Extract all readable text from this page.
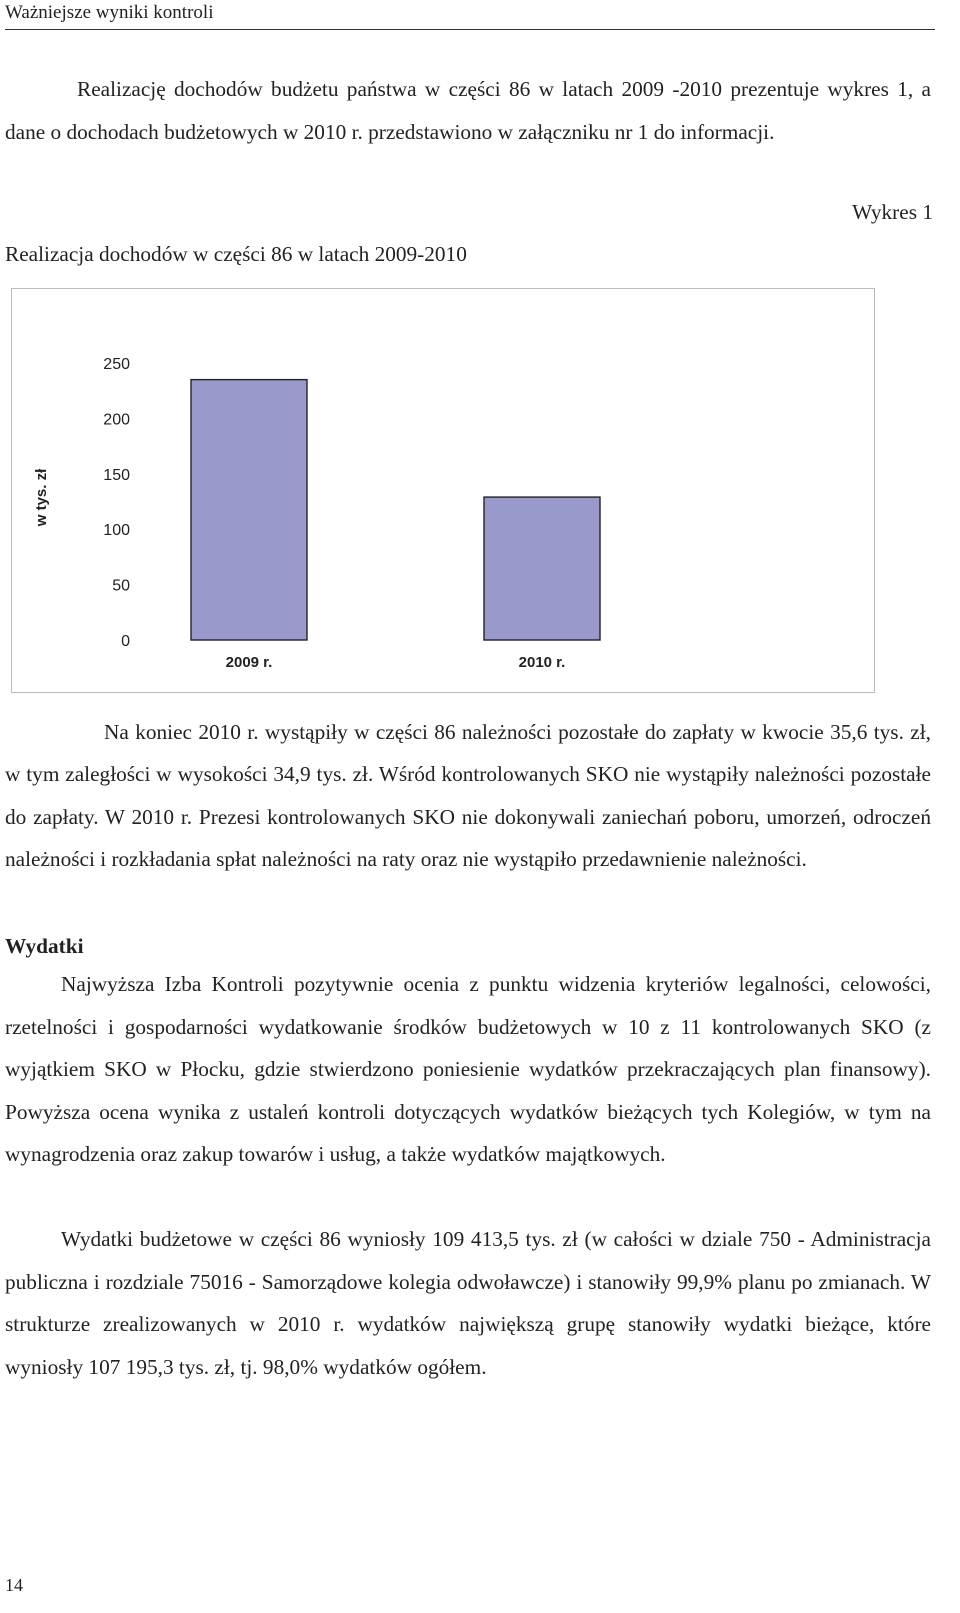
Ważniejsze wyniki kontroli

Realizację dochodów budżetu państwa w części 86 w latach 2009 -2010 prezentuje wykres 1, a dane o dochodach budżetowych w 2010 r. przedstawiono w załączniku nr 1 do informacji.

Wykres 1
Realizacja dochodów w części 86 w latach 2009-2010
0
50
100
150
200
250
w tys. zł
2009 r.	2010 r.

Na koniec 2010 r. wystąpiły w części 86 należności pozostałe do zapłaty w kwocie 35,6 tys. zł, w tym zaległości w wysokości 34,9 tys. zł. Wśród kontrolowanych SKO nie wystąpiły należności pozostałe do zapłaty. W 2010 r. Prezesi kontrolowanych SKO nie dokonywali zaniechań poboru, umorzeń, odroczeń należności i rozkładania spłat należności na raty oraz nie wystąpiło przedawnienie należności.

Wydatki

Najwyższa Izba Kontroli pozytywnie ocenia z punktu widzenia kryteriów legalności, celowości, rzetelności i gospodarności wydatkowanie środków budżetowych w 10 z 11 kontrolowanych SKO (z wyjątkiem SKO w Płocku, gdzie stwierdzono poniesienie wydatków przekraczających plan finansowy). Powyższa ocena wynika z ustaleń kontroli dotyczących wydatków bieżących tych Kolegiów, w tym na wynagrodzenia oraz zakup towarów i usług, a także wydatków majątkowych.

Wydatki budżetowe w części 86 wyniosły 109 413,5 tys. zł (w całości w dziale 750 - Administracja publiczna i rozdziale 75016 - Samorządowe kolegia odwoławcze) i stanowiły 99,9% planu po zmianach. W strukturze zrealizowanych w 2010 r. wydatków największą grupę stanowiły wydatki bieżące, które wyniosły 107 195,3 tys. zł, tj. 98,0% wydatków ogółem.

14
